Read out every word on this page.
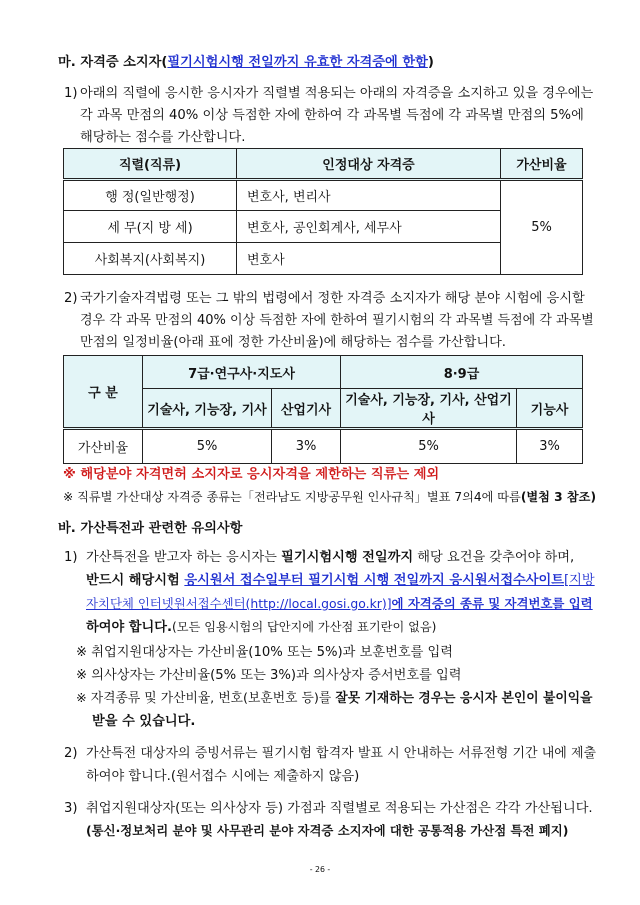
마. 자격증 소지자(필기시험시행 전일까지 유효한 자격증에 한함)
1) 아래의 직렬에 응시한 응시자가 직렬별 적용되는 아래의 자격증을 소지하고 있을 경우에는
각 과목 만점의 40% 이상 득점한 자에 한하여 각 과목별 득점에 각 과목별 만점의 5%에
해당하는 점수를 가산합니다.
직렬(직류)	인정대상 자격증	가산비율
행 정(일반행정)	변호사, 변리사	5%
세 무(지 방 세)	변호사, 공인회계사, 세무사	
사회복지(사회복지)	변호사	
2) 국가기술자격법령 또는 그 밖의 법령에서 정한 자격증 소지자가 해당 분야 시험에 응시할
경우 각 과목 만점의 40% 이상 득점한 자에 한하여 필기시험의 각 과목별 득점에 각 과목별
만점의 일정비율(아래 표에 정한 가산비율)에 해당하는 점수를 가산합니다.
구 분	7급·연구사·지도사		8·9급	
	기술사, 기능장, 기사	산업기사	기술사, 기능장, 기사, 산업기사	기능사
가산비율	5%	3%	5%	3%
※ 해당분야 자격면허 소지자로 응시자격을 제한하는 직류는 제외
※ 직류별 가산대상 자격증 종류는「전라남도 지방공무원 인사규칙」별표 7의4에 따름(별첨 3 참조)
바. 가산특전과 관련한 유의사항
1) 가산특전을 받고자 하는 응시자는 필기시험시행 전일까지 해당 요건을 갖추어야 하며,
반드시 해당시험 응시원서 접수일부터 필기시험 시행 전일까지 응시원서접수사이트[지방
자치단체 인터넷원서접수센터(http://local.gosi.go.kr)]에 자격증의 종류 및 자격번호를 입력
하여야 합니다.(모든 임용시험의 답안지에 가산점 표기란이 없음)
※ 취업지원대상자는 가산비율(10% 또는 5%)과 보훈번호를 입력
※ 의사상자는 가산비율(5% 또는 3%)과 의사상자 증서번호를 입력
※ 자격종류 및 가산비율, 번호(보훈번호 등)를 잘못 기재하는 경우는 응시자 본인이 불이익을
받을 수 있습니다.
2) 가산특전 대상자의 증빙서류는 필기시험 합격자 발표 시 안내하는 서류전형 기간 내에 제출
하여야 합니다.(원서접수 시에는 제출하지 않음)
3) 취업지원대상자(또는 의사상자 등) 가점과 직렬별로 적용되는 가산점은 각각 가산됩니다.
(통신·정보처리 분야 및 사무관리 분야 자격증 소지자에 대한 공통적용 가산점 특전 폐지)
- 26 -
